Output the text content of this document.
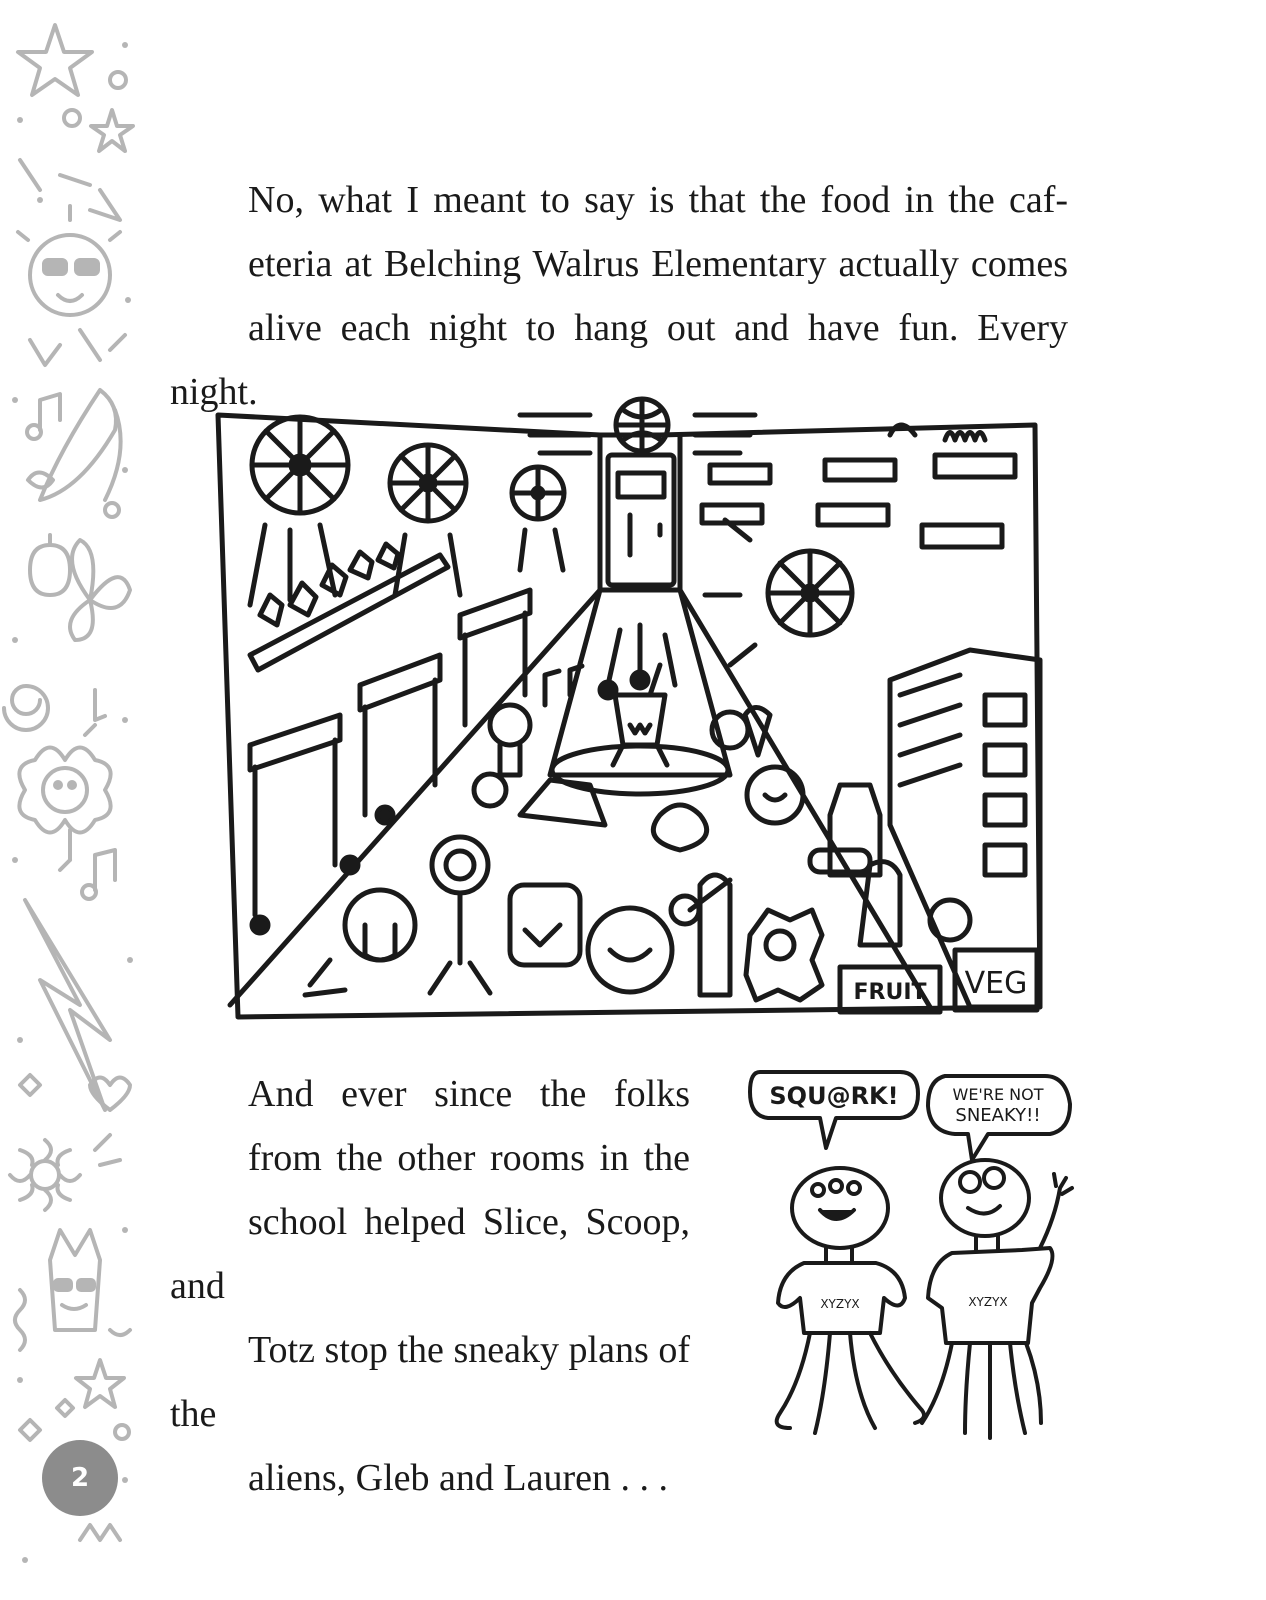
2

No, what I meant to say is that the food in the caf-
eteria at Belching Walrus Elementary actually comes
alive each night to hang out and have fun. Every night.

FRUIT VEG

And ever since the folks
from the other rooms in the
school helped Slice, Scoop, and
Totz stop the sneaky plans of the
aliens, Gleb and Lauren . . .

SQU@RK!	WE'RE NOT
SNEAKY!!
XYZYX	XYZYX
